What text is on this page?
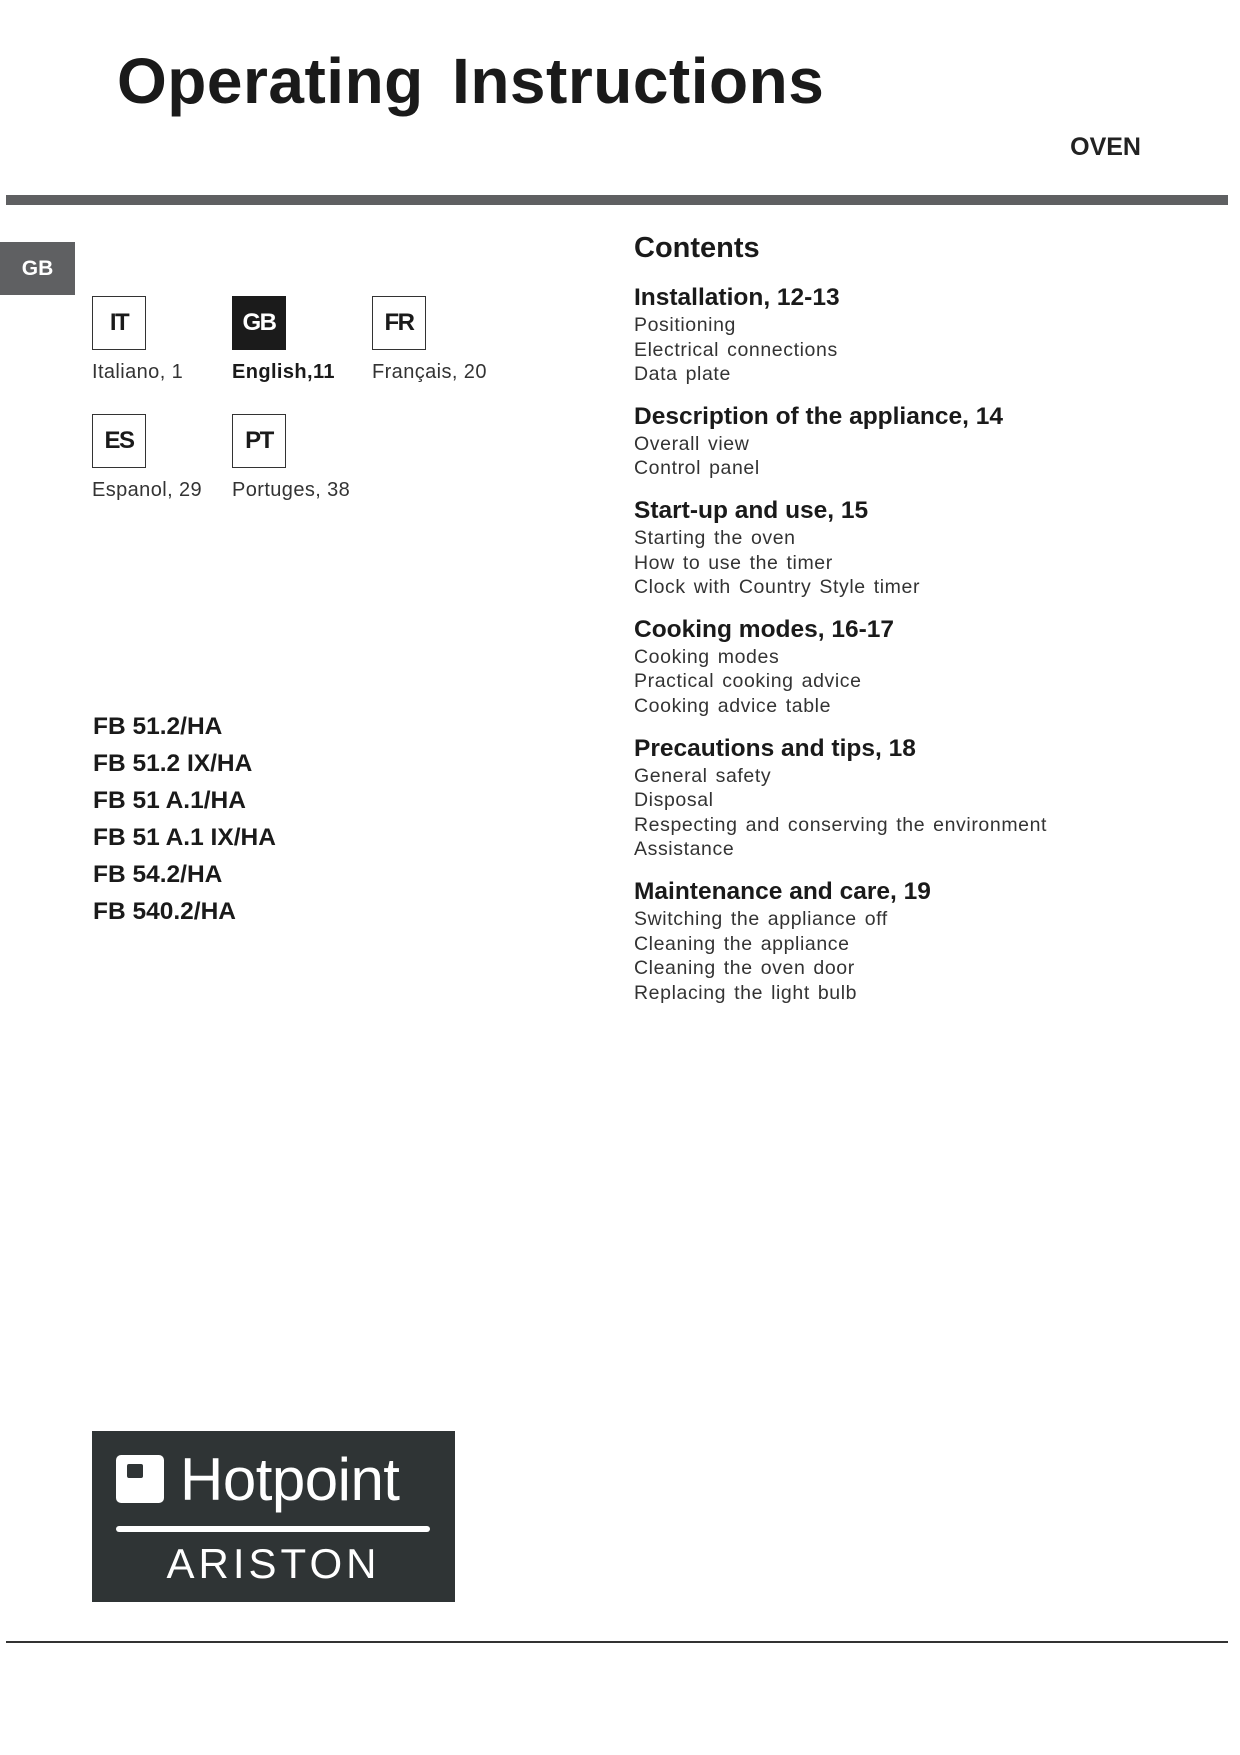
Operating Instructions
OVEN
GB
IT
Italiano, 1
GB
English,11
FR
Français, 20
ES
Espanol, 29
PT
Portuges, 38
FB 51.2/HA
FB 51.2 IX/HA
FB 51 A.1/HA
FB 51 A.1 IX/HA
FB 54.2/HA
FB 540.2/HA
Contents
Installation, 12-13
Positioning
Electrical connections
Data plate
Description of the appliance, 14
Overall view
Control panel
Start-up and use, 15
Starting the oven
How to use the timer
Clock with Country Style timer
Cooking modes, 16-17
Cooking modes
Practical cooking advice
Cooking advice table
Precautions and tips, 18
General safety
Disposal
Respecting and conserving the environment
Assistance
Maintenance and care, 19
Switching the appliance off
Cleaning the appliance
Cleaning the oven door
Replacing the light bulb
Hotpoint
ARISTON
